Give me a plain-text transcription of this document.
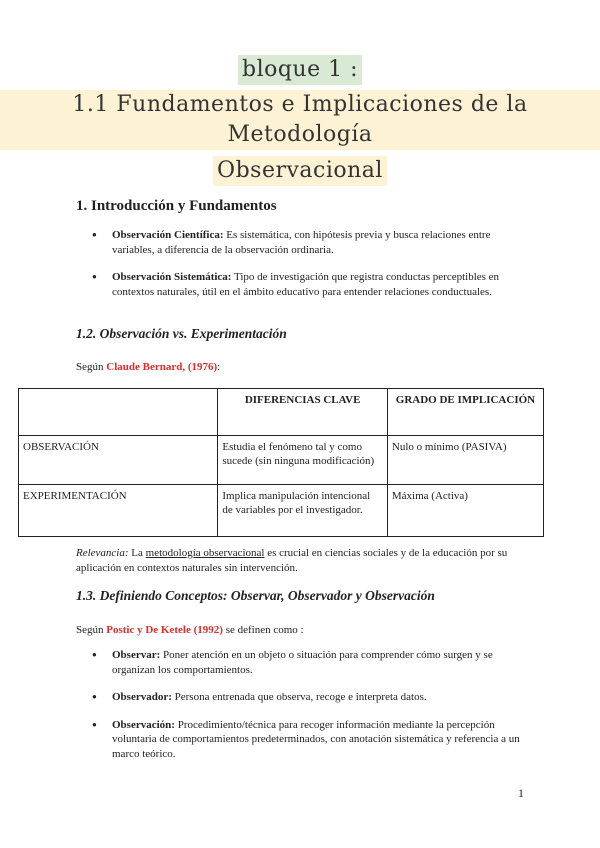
bloque 1 :
1.1 Fundamentos e Implicaciones de la Metodología
Observacional
1. Introducción y Fundamentos
● Observación Científica: Es sistemática, con hipótesis previa y busca relaciones entre variables, a diferencia de la observación ordinaria.
● Observación Sistemática: Tipo de investigación que registra conductas perceptibles en contextos naturales, útil en el ámbito educativo para entender relaciones conductuales.
1.2. Observación vs. Experimentación

Según Claude Bernard, (1976):

	DIFERENCIAS CLAVE	GRADO DE IMPLICACIÓN
OBSERVACIÓN	Estudia el fenómeno tal y como sucede (sin ninguna modificación)	Nulo o mínimo (PASIVA)
EXPERIMENTACIÓN	Implica manipulación intencional de variables por el investigador.	Máxima (Activa)

Relevancia: La metodología observacional es crucial en ciencias sociales y de la educación por su aplicación en contextos naturales sin intervención.

1.3. Definiendo Conceptos: Observar, Observador y Observación

Según Postic y De Ketele (1992) se definen como :

● Observar: Poner atención en un objeto o situación para comprender cómo surgen y se organizan los comportamientos.
● Observador: Persona entrenada que observa, recoge e interpreta datos.
● Observación: Procedimiento/técnica para recoger información mediante la percepción voluntaria de comportamientos predeterminados, con anotación sistemática y referencia a un marco teórico.
1
